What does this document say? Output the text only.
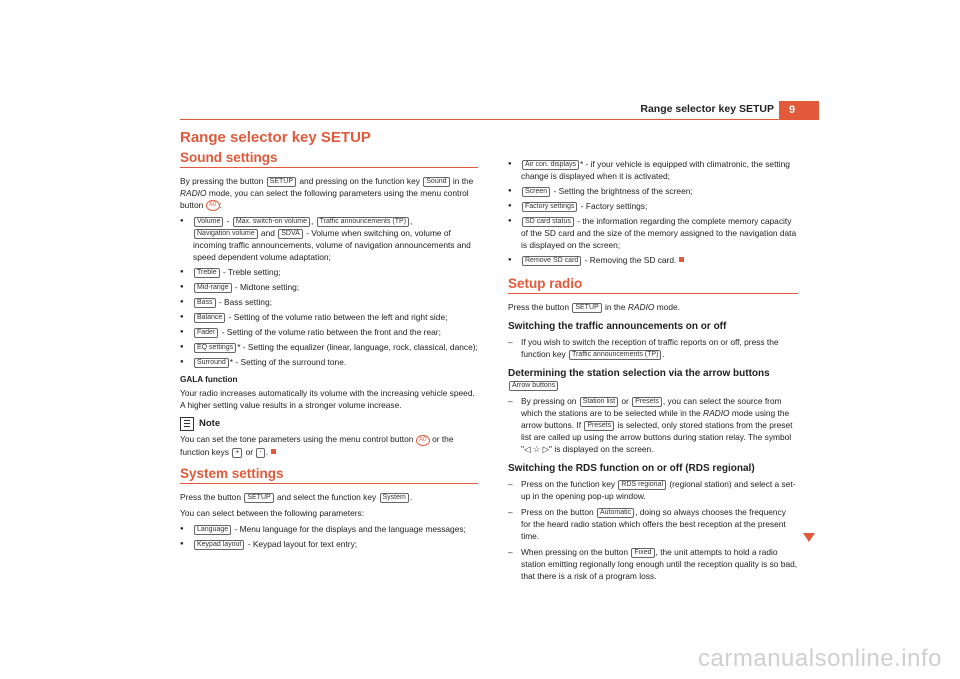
Range selector key SETUP	9
Range selector key SETUP
Sound settings

By pressing the button SETUP and pressing on the function key Sound in the RADIO mode, you can select the following parameters using the menu control button A0 :

● Volume - Max. switch-on volume , Traffic announcements (TP) , Navigation volume and SDVA - Volume when switching on, volume of incoming traffic announcements, volume of navigation announcements and speed dependent volume adaptation;
● Treble - Treble setting;
● Mid-range - Midtone setting;
● Bass - Bass setting;
● Balance - Setting of the volume ratio between the left and right side;
● Fader - Setting of the volume ratio between the front and the rear;
● EQ settings * - Setting the equalizer (linear, language, rock, classical, dance);
● Surround * - Setting of the surround tone.
GALA function

Your radio increases automatically its volume with the increasing vehicle speed. A higher setting value results in a stronger volume increase.

Note

You can set the tone parameters using the menu control button A0 or the function keys + or - .

System settings

Press the button SETUP and select the function key System .

You can select between the following parameters:

● Language - Menu language for the displays and the language messages;
● Keypad layout - Keypad layout for text entry;
● Air con. displays * - if your vehicle is equipped with climatronic, the setting change is displayed when it is activated;
● Screen - Setting the brightness of the screen;
● Factory settings - Factory settings;
● SD card status - the information regarding the complete memory capacity of the SD card and the size of the memory assigned to the navigation data is displayed on the screen;
● Remove SD card - Removing the SD card.
Setup radio

Press the button SETUP in the RADIO mode.

Switching the traffic announcements on or off
– If you wish to switch the reception of traffic reports on or off, press the function key Traffic announcements (TP) .
Determining the station selection via the arrow buttons Arrow buttons
– By pressing on Station list or Presets , you can select the source from which the stations are to be selected while in the RADIO mode using the arrow buttons. If Presets is selected, only stored stations from the preset list are called up using the arrow buttons during station relay. The symbol "◁ ☆ ▷" is displayed on the screen.
Switching the RDS function on or off (RDS regional)
– Press on the function key RDS regional (regional station) and select a set-up in the opening pop-up window.
– Press on the button Automatic , doing so always chooses the frequency for the heard radio station which offers the best reception at the present time.
– When pressing on the button Fixed , the unit attempts to hold a radio station emitting regionally long enough until the reception quality is so bad, that there is a risk of a program loss.
carmanualsonline.info
